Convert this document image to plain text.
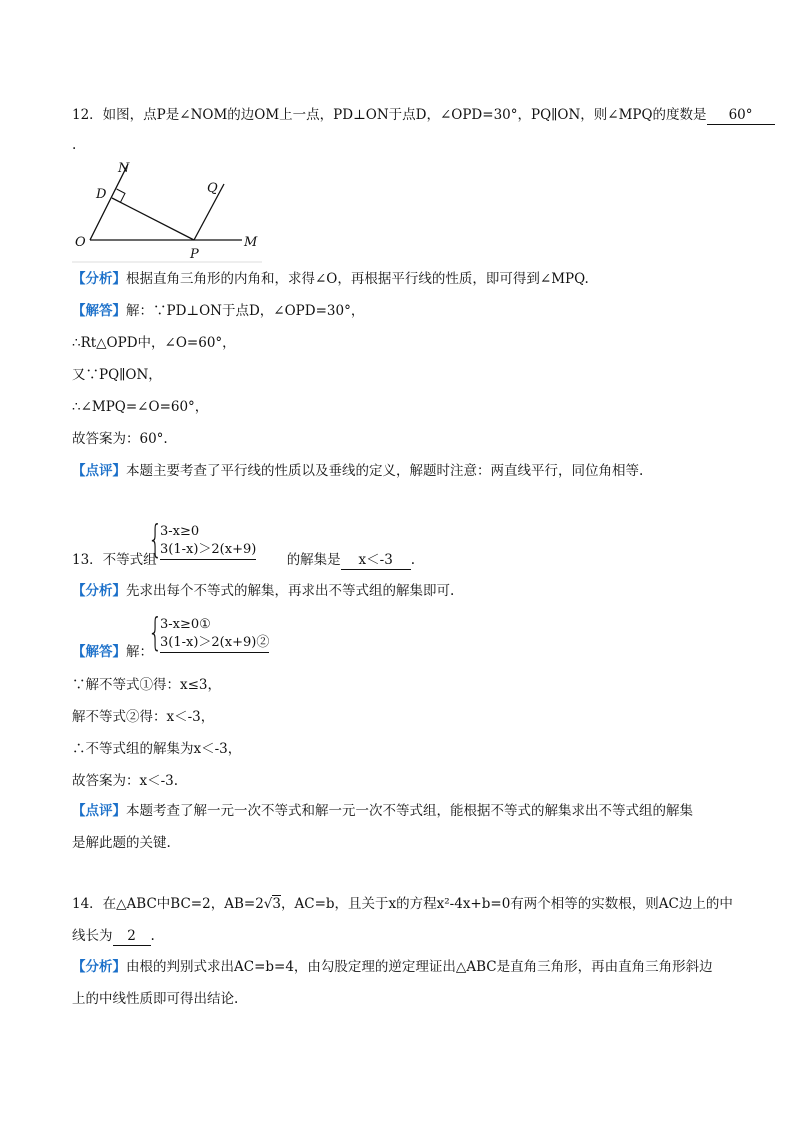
12．如图，点P是∠NOM的边OM上一点，PD⊥ON于点D，∠OPD=30°，PQ∥ON，则∠MPQ的度数是 60°
.
N
D	Q
O
P
M
【分析】根据直角三角形的内角和，求得∠O，再根据平行线的性质，即可得到∠MPQ.
【解答】解：∵PD⊥ON于点D，∠OPD=30°，
∴Rt△OPD中，∠O=60°，
又∵PQ∥ON，
∴∠MPQ=∠O=60°，
故答案为：60°.
【点评】本题主要考查了平行线的性质以及垂线的定义，解题时注意：两直线平行，同位角相等.
{
3-x≥0
3(1-x)＞2(x+9)
13．不等式组	的解集是 x＜-3 .
【分析】先求出每个不等式的解集，再求出不等式组的解集即可.
【解答】解：
{
3-x≥0①
3(1-x)＞2(x+9)②
∵解不等式①得：x≤3，
解不等式②得：x＜-3，
∴不等式组的解集为x＜-3，
故答案为：x＜-3.
【点评】本题考查了解一元一次不等式和解一元一次不等式组，能根据不等式的解集求出不等式组的解集
是解此题的关键.
14．在△ABC中BC=2，AB=2√3，AC=b，且关于x的方程x²-4x+b=0有两个相等的实数根，则AC边上的中
线长为 2 .
【分析】由根的判别式求出AC=b=4，由勾股定理的逆定理证出△ABC是直角三角形，再由直角三角形斜边
上的中线性质即可得出结论.
